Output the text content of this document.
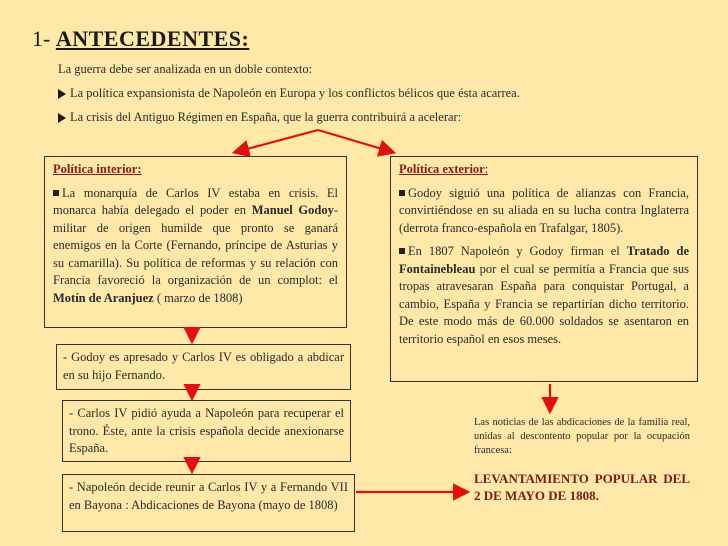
1- ANTECEDENTES:
La guerra debe ser analizada en un doble contexto:
La política expansionista de Napoleón en Europa y los conflictos bélicos que ésta acarrea.
La crisis del Antiguo Régimen en España, que la guerra contribuirá a acelerar:
Política interior:

La monarquía de Carlos IV estaba en crisis. El monarca había delegado el poder en Manuel Godoy- militar de origen humilde que pronto se ganará enemigos en la Corte (Fernando, príncipe de Asturias y su camarilla). Su política de reformas y su relación con Francia favoreció la organización de un complot: el Motín de Aranjuez ( marzo de 1808)

Política exterior:

Godoy siguió una política de alianzas con Francia, convirtiéndose en su aliada en su lucha contra Inglaterra (derrota franco-española en Trafalgar, 1805).

En 1807 Napoleón y Godoy firman el Tratado de Fontainebleau por el cual se permitía a Francia que sus tropas atravesaran España para conquistar Portugal, a cambio, España y Francia se repartirían dicho territorio. De este modo más de 60.000 soldados se asentaron en territorio español en esos meses.

- Godoy es apresado y Carlos IV es obligado a abdicar en su hijo Fernando.
- Carlos IV pidió ayuda a Napoleón para recuperar el trono. Éste, ante la crisis española decide anexionarse España.
- Napoleón decide reunir a Carlos IV y a Fernando VII en Bayona : Abdicaciones de Bayona (mayo de 1808)
Las noticias de las abdicaciones de la familia real, unidas al descontento popular por la ocupación francesa:
LEVANTAMIENTO POPULAR DEL 2 DE MAYO DE 1808.
